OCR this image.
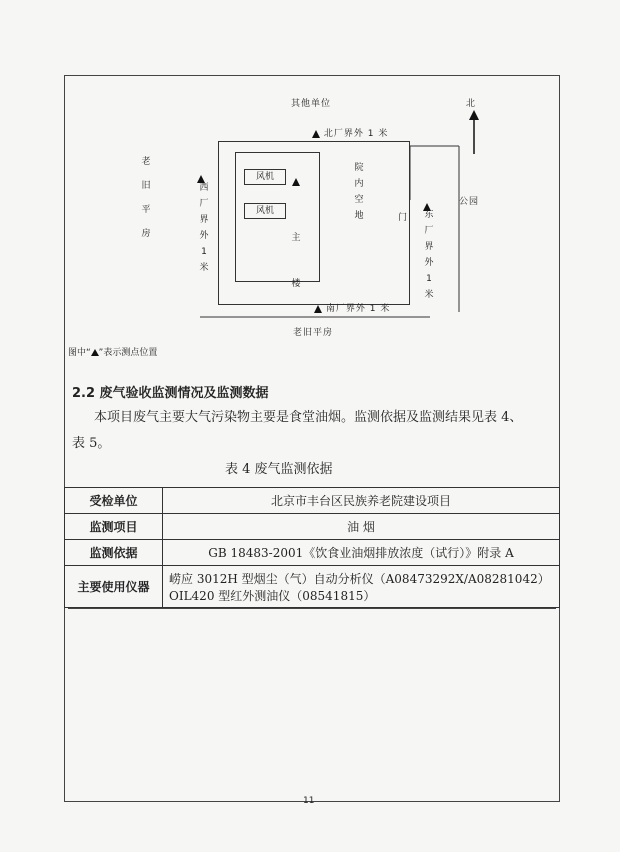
其他单位	北
北厂界外 1 米
风机
风机
主楼
院内空地	门
西厂界外1米
东厂界外1米
老旧平房
公园
南厂界外 1 米
老旧平房
图中“ ”表示测点位置
2.2 废气验收监测情况及监测数据
本项目废气主要大气污染物主要是食堂油烟。监测依据及监测结果见表 4、
表 5。
表 4 废气监测依据
受检单位	北京市丰台区民族养老院建设项目
监测项目	油 烟
监测依据	GB 18483-2001《饮食业油烟排放浓度（试行）》附录 A
主要使用仪器	崂应 3012H 型烟尘（气）自动分析仪（A08473292X/A08281042）
OIL420 型红外测油仪（08541815）
11
